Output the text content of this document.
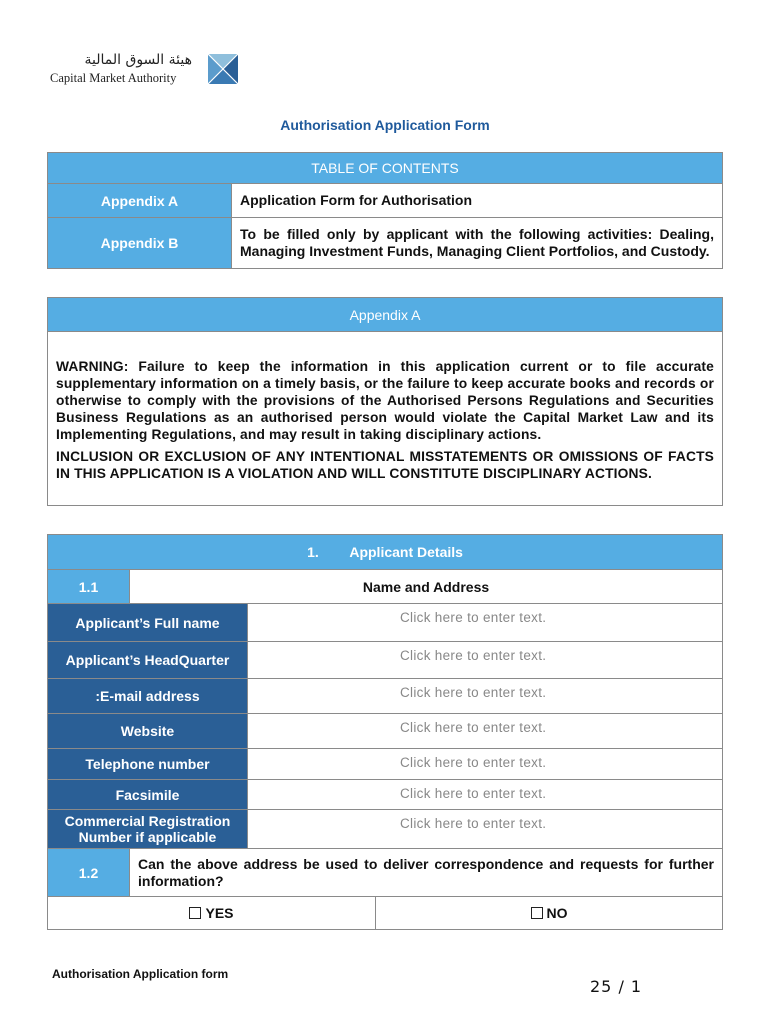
هيئة السوق المالية
Capital Market Authority
Authorisation Application Form
TABLE OF CONTENTS	
Appendix A	Application Form for Authorisation
Appendix B	To be filled only by applicant with the following activities: Dealing, Managing Investment Funds, Managing Client Portfolios, and Custody.
Appendix A

WARNING: Failure to keep the information in this application current or to file accurate supplementary information on a timely basis, or the failure to keep accurate books and records or otherwise to comply with the provisions of the Authorised Persons Regulations and Securities Business Regulations as an authorised person would violate the Capital Market Law and its Implementing Regulations, and may result in taking disciplinary actions.

INCLUSION OR EXCLUSION OF ANY INTENTIONAL MISSTATEMENTS OR OMISSIONS OF FACTS IN THIS APPLICATION IS A VIOLATION AND WILL CONSTITUTE DISCIPLINARY ACTIONS.

1.        Applicant Details			
1.1	Name and Address		
Applicant’s Full name		Click here to enter text.	
Applicant’s HeadQuarter		Click here to enter text.	
:E-mail address		Click here to enter text.	
Website		Click here to enter text.	
Telephone number		Click here to enter text.	
Facsimile		Click here to enter text.	
Commercial Registration Number if applicable		Click here to enter text.	
1.2	Can the above address be used to deliver correspondence and requests for further information?		
YES			NO
Authorisation Application form
25 / 1
